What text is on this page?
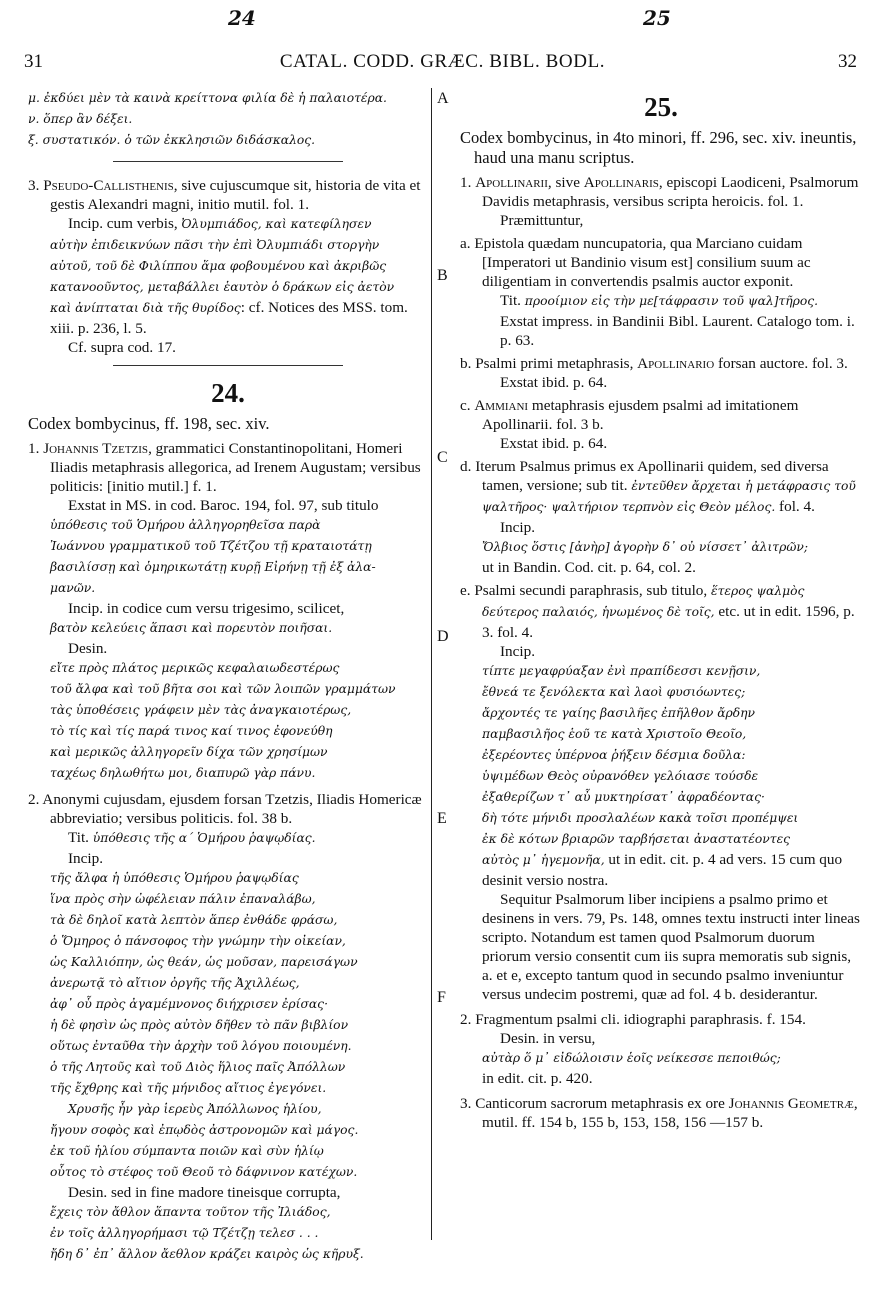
24	25
31	CATAL. CODD. GRÆC. BIBL. BODL.	32
A
B
C
D
E
F
μ. ἐκδύει μὲν τὰ καινὰ κρείττονα φιλία δὲ ἡ παλαιοτέρα.
ν. ὅπερ ἂν δέξει.
ξ. συστατικόν. ὁ τῶν ἐκκλησιῶν διδάσκαλος.
3. Pseudo-Callisthenis, sive cujuscumque sit, historia de vita et gestis Alexandri magni, initio mutil. fol. 1.
Incip. cum verbis, Ὀλυμπιάδος, καὶ κατεφίλησεν
αὐτὴν ἐπιδεικνύων πᾶσι τὴν ἐπὶ Ὀλυμπιάδι στοργὴν
αὐτοῦ, τοῦ δὲ Φιλίππου ἅμα φοβουμένου καὶ ἀκριβῶς
κατανοοῦντος, μεταβάλλει ἑαυτὸν ὁ δράκων εἰς ἀετὸν
καὶ ἀνίπταται διὰ τῆς θυρίδος: cf. Notices des MSS. tom. xiii. p. 236, l. 5.
Cf. supra cod. 17.
24.
Codex bombycinus, ff. 198, sec. xiv.
1. Johannis Tzetzis, grammatici Constantinopolitani, Homeri Iliadis metaphrasis allegorica, ad Irenem Augustam; versibus politicis: [initio mutil.] f. 1.
Exstat in MS. in cod. Baroc. 194, fol. 97, sub titulo
ὑπόθεσις τοῦ Ὁμήρου ἀλληγορηθεῖσα παρὰ
Ἰωάννου γραμματικοῦ τοῦ Τζέτζου τῇ κραταιοτάτῃ
βασιλίσσῃ καὶ ὁμηρικωτάτῃ κυρῇ Εἰρήνῃ τῇ ἐξ ἀλα-
μανῶν.
Incip. in codice cum versu trigesimo, scilicet,
βατὸν κελεύεις ἅπασι καὶ πορευτὸν ποιῆσαι.
Desin.
εἴτε πρὸς πλάτος μερικῶς κεφαλαιωδεστέρως
τοῦ ἄλφα καὶ τοῦ βῆτα σοι καὶ τῶν λοιπῶν γραμμάτων
τὰς ὑποθέσεις γράφειν μὲν τὰς ἀναγκαιοτέρως,
τὸ τίς καὶ τίς παρά τινος καί τινος ἐφονεύθη
καὶ μερικῶς ἀλληγορεῖν δίχα τῶν χρησίμων
ταχέως δηλωθήτω μοι, διαπυρῶ γὰρ πάνυ.
2. Anonymi cujusdam, ejusdem forsan Tzetzis, Iliadis Homericæ abbreviatio; versibus politicis. fol. 38 b.
Tit. ὑπόθεσις τῆς α΄ Ὁμήρου ῥαψῳδίας.
Incip.
τῆς ἄλφα ἡ ὑπόθεσις Ὁμήρου ῥαψῳδίας
ἵνα πρὸς σὴν ὠφέλειαν πάλιν ἐπαναλάβω,
τὰ δὲ δηλοῖ κατὰ λεπτὸν ἅπερ ἐνθάδε φράσω,
ὁ Ὅμηρος ὁ πάνσοφος τὴν γνώμην τὴν οἰκείαν,
ὡς Καλλιόπην, ὡς θεάν, ὡς μοῦσαν, παρεισάγων
ἀνερωτᾷ τὸ αἴτιον ὀργῆς τῆς Ἀχιλλέως,
ἀφ᾽ οὗ πρὸς ἀγαμέμνονος διήχρισεν ἐρίσας·
ἡ δὲ φησὶν ὡς πρὸς αὐτὸν δῆθεν τὸ πᾶν βιβλίον
οὕτως ἐνταῦθα τὴν ἀρχὴν τοῦ λόγου ποιουμένη.
ὁ τῆς Λητοῦς καὶ τοῦ Διὸς ἥλιος παῖς Ἀπόλλων
τῆς ἔχθρης καὶ τῆς μήνιδος αἴτιος ἐγεγόνει.
Χρυσῆς ἦν γὰρ ἱερεὺς Ἀπόλλωνος ἡλίου,
ἤγουν σοφὸς καὶ ἐπῳδὸς ἀστρονομῶν καὶ μάγος.
ἐκ τοῦ ἡλίου σύμπαντα ποιῶν καὶ σὺν ἡλίῳ
οὗτος τὸ στέφος τοῦ Θεοῦ τὸ δάφνινον κατέχων.
Desin. sed in fine madore tineisque corrupta,
ἔχεις τὸν ἄθλον ἅπαντα τοῦτον τῆς Ἰλιάδος,
ἐν τοῖς ἀλληγορήμασι τῷ Τζέτζῃ τελεσ . . .
ἤδη δ᾽ ἐπ᾽ ἄλλον ἄεθλον κράζει καιρὸς ὡς κῆρυξ.
25.
Codex bombycinus, in 4to minori, ff. 296, sec. xiv. ineuntis, haud una manu scriptus.
1. Apollinarii, sive Apollinaris, episcopi Laodiceni, Psalmorum Davidis metaphrasis, versibus scripta heroicis. fol. 1.
Præmittuntur,
a. Epistola quædam nuncupatoria, qua Marciano cuidam [Imperatori ut Bandinio visum est] consilium suum ac diligentiam in convertendis psalmis auctor exponit.
Tit. προοίμιον εἰς τὴν με[τάφρασιν τοῦ ψαλ]τῆρος.
Exstat impress. in Bandinii Bibl. Laurent. Catalogo tom. i. p. 63.
b. Psalmi primi metaphrasis, Apollinario forsan auctore. fol. 3.
Exstat ibid. p. 64.
c. Ammiani metaphrasis ejusdem psalmi ad imitationem Apollinarii. fol. 3 b.
Exstat ibid. p. 64.
d. Iterum Psalmus primus ex Apollinarii quidem, sed diversa tamen, versione; sub tit. ἐντεῦθεν ἄρχεται ἡ μετάφρασις τοῦ ψαλτῆρος· ψαλτήριον τερπνὸν εἰς Θεὸν μέλος. fol. 4.
Incip.
Ὄλβιος ὅστις [ἀνὴρ] ἀγορὴν δ᾽ οὐ νίσσετ᾽ ἀλιτρῶν;
ut in Bandin. Cod. cit. p. 64, col. 2.
e. Psalmi secundi paraphrasis, sub titulo, ἕτερος ψαλμὸς δεύτερος παλαιός, ἡνωμένος δὲ τοῖς, etc. ut in edit. 1596, p. 3. fol. 4.
Incip.
τίπτε μεγαφρύαξαν ἐνὶ πραπίδεσσι κενῇσιν,
ἔθνεά τε ξενόλεκτα καὶ λαοὶ φυσιόωντες;
ἄρχοντές τε γαίης βασιλῆες ἐπῆλθον ἄρδην
παμβασιλῆος ἑοῦ τε κατὰ Χριστοῖο Θεοῖο,
ἐξερέοντες ὑπέρνοα ῥήξειν δέσμια δοῦλα:
ὑψιμέδων Θεὸς οὐρανόθεν γελόιασε τούσδε
ἐξαθερίζων τ᾽ αὖ μυκτηρίσατ᾽ ἀφραδέοντας·
δὴ τότε μήνιδι προσλαλέων κακὰ τοῖσι προπέμψει
ἐκ δὲ κότων βριαρῶν ταρβήσεται ἀναστατέοντες
αὐτὸς μ᾽ ἡγεμονῆα, ut in edit. cit. p. 4 ad vers. 15 cum quo desinit versio nostra.
Sequitur Psalmorum liber incipiens a psalmo primo et desinens in vers. 79, Ps. 148, omnes textu instructi inter lineas scripto. Notandum est tamen quod Psalmorum duorum priorum versio consentit cum iis supra memoratis sub signis, a. et e, excepto tantum quod in secundo psalmo inveniuntur versus undecim postremi, quæ ad fol. 4 b. desiderantur.
2. Fragmentum psalmi cli. idiographi paraphrasis. f. 154.
Desin. in versu,
αὐτὰρ ὅ μ᾽ εἰδώλοισιν ἑοῖς νείκεσσε πεποιθώς;
in edit. cit. p. 420.
3. Canticorum sacrorum metaphrasis ex ore Johannis Geometræ, mutil. ff. 154 b, 155 b, 153, 158, 156 —157 b.
